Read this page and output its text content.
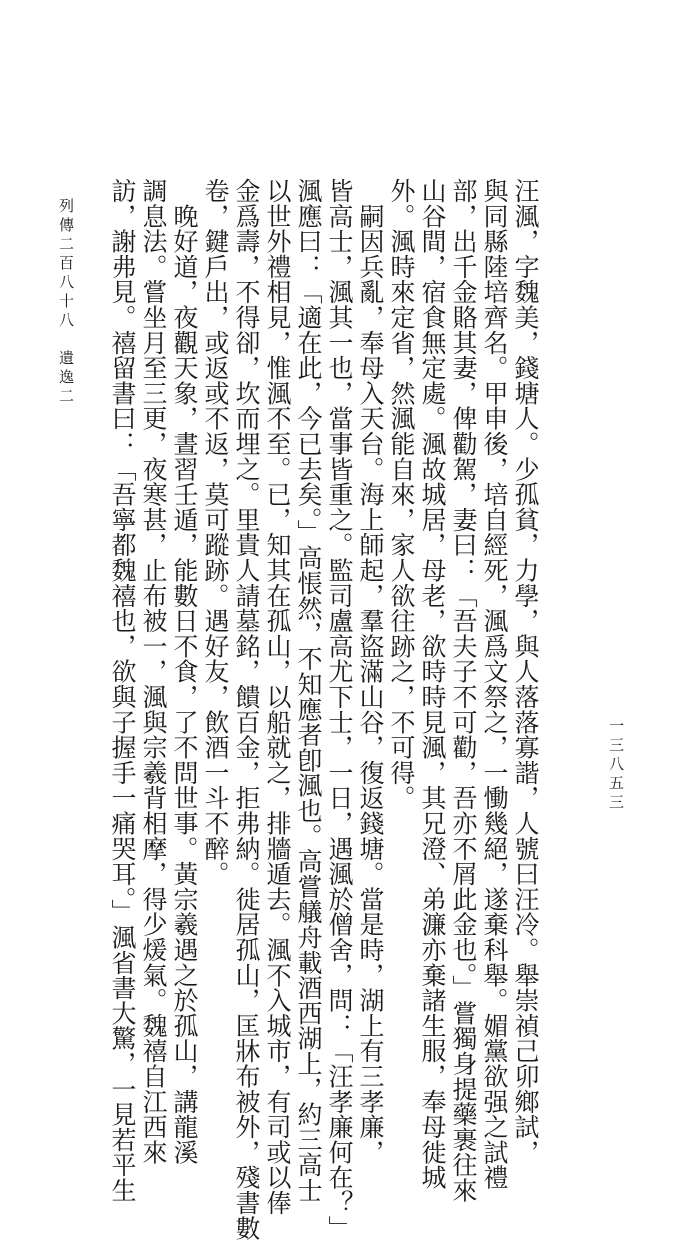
列傳二百八十八
遺逸二
一三八五三
汪渢，字魏美，錢塘人。少孤貧，力學，與人落落寡諧，人號曰汪冷。舉崇禎己卯鄉試，
與同縣陸培齊名。甲申後，培自經死，渢爲文祭之，一慟幾絕，遂棄科舉。媚黨欲强之試禮
部，出千金賂其妻，俾勸駕，妻曰：「吾夫子不可勸，吾亦不屑此金也。」嘗獨身提藥裹往來
山谷間，宿食無定處。渢故城居，母老，欲時時見渢，其兄澄、弟濂亦棄諸生服，奉母徙城
外。渢時來定省，然渢能自來，家人欲往跡之，不可得。
　嗣因兵亂，奉母入天台。海上師起，羣盜滿山谷，復返錢塘。當是時，湖上有三孝廉，
皆高士，渢其一也，當事皆重之。監司盧高尤下士，一日，遇渢於僧舍，問：「汪孝廉何在？」
渢應曰：「適在此，今已去矣。」高悵然，不知應者卽渢也。高嘗艤舟載酒西湖上，約三高士
以世外禮相見，惟渢不至。已，知其在孤山，以船就之，排牆遁去。渢不入城市，有司或以俸
金爲壽，不得卻，坎而埋之。里貴人請墓銘，饋百金，拒弗納。徙居孤山，匡牀布被外，殘書數
卷，鍵戶出，或返或不返，莫可蹤跡。遇好友，飲酒一斗不醉。
　晚好道，夜觀天象，晝習壬遁，能數日不食，了不問世事。黃宗羲遇之於孤山，講龍溪
調息法。嘗坐月至三更，夜寒甚，止布被一，渢與宗羲背相摩，得少煖氣。魏禧自江西來
訪，謝弗見。禧留書曰：「吾寧都魏禧也，欲與子握手一痛哭耳。」渢省書大驚，一見若平生
